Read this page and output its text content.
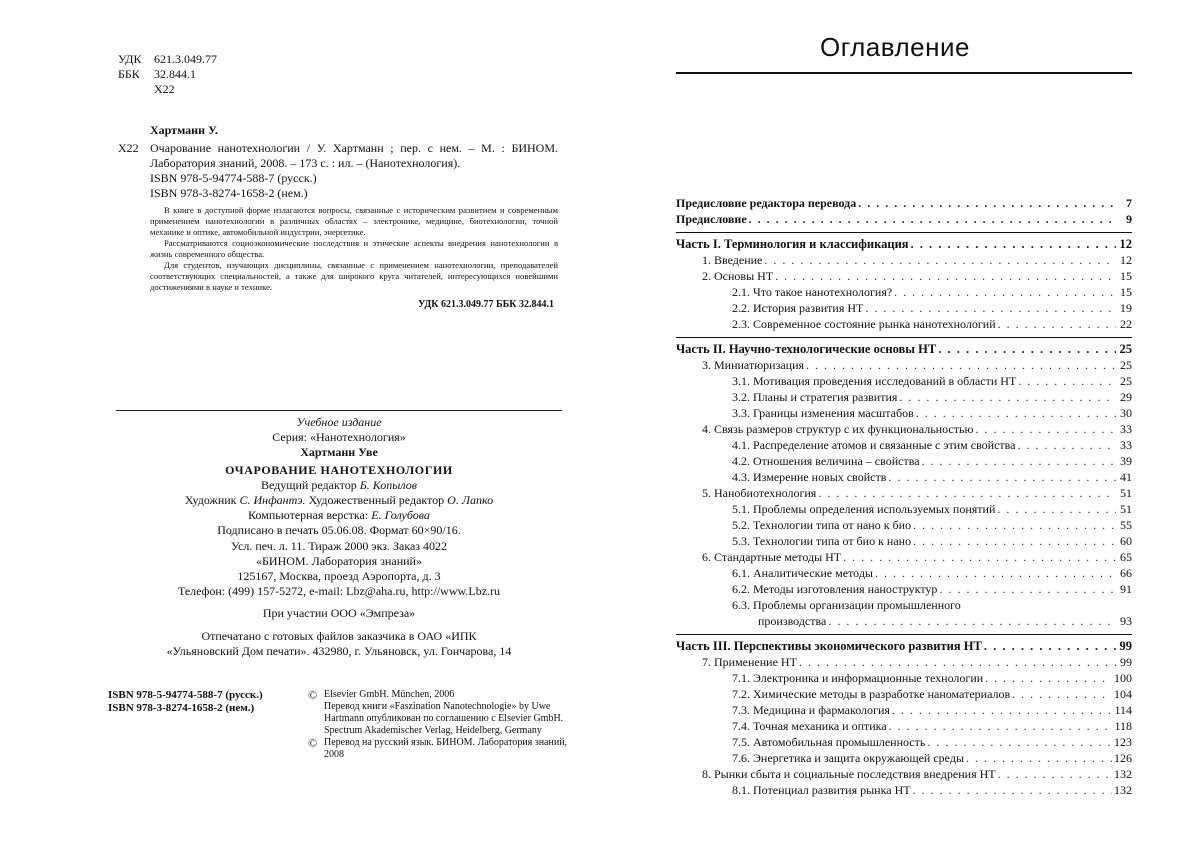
УДК	621.3.049.77
ББК	32.844.1
Х22
Хартманн У.
Х22 Очарование нанотехнологии / У. Хартманн ; пер. с нем. – М. : БИНОМ. Лаборатория знаний, 2008. – 173 с. : ил. – (Нанотехнология).
ISBN 978-5-94774-588-7 (русск.)
ISBN 978-3-8274-1658-2 (нем.)

В книге в доступной форме излагаются вопросы, связанные с историческим развитием и современным применением нанотехнологии в различных областях – электронике, медицине, биотехнологии, точной механике и оптике, автомобильной индустрии, энергетике.

Рассматриваются социоэкономические последствия и этические аспекты внедрения нанотехнологии в жизнь современного общества.

Для студентов, изучающих дисциплины, связанные с применением нанотехнологии, преподавателей соответствующих специальностей, а также для широкого круга читателей, интересующихся новейшими достижениями в науке и технике.

УДК 621.3.049.77 ББК 32.844.1
Учебное издание
Серия: «Нанотехнология»
Хартманн Уве
ОЧАРОВАНИЕ НАНОТЕХНОЛОГИИ
Ведущий редактор Б. Копылов
Художник С. Инфантэ. Художественный редактор О. Лапко
Компьютерная верстка: Е. Голубова
Подписано в печать 05.06.08. Формат 60×90/16.
Усл. печ. л. 11. Тираж 2000 экз. Заказ 4022
«БИНОМ. Лаборатория знаний»
125167, Москва, проезд Аэропорта, д. 3
Телефон: (499) 157-5272, e-mail: Lbz@aha.ru, http://www.Lbz.ru
При участии ООО «Эмпреза»
Отпечатано с готовых файлов заказчика в ОАО «ИПК
«Ульяновский Дом печати». 432980, г. Ульяновск, ул. Гончарова, 14
ISBN 978-5-94774-588-7 (русск.)
ISBN 978-3-8274-1658-2 (нем.)
© Elsevier GmbH. München, 2006
Перевод книги «Faszination Nanotechnologie» by Uwe Hartmann опубликован по соглашению с Elsevier GmbH. Spectrum Akademischer Verlag, Heidelberg, Germany
© Перевод на русский язык. БИНОМ. Лаборатория знаний, 2008
Оглавление
Предисловие редактора перевода . . .	7
Предисловие . . .	9
Часть I. Терминология и классификация . . .	12
1. Введение . . .	12
2. Основы НТ . . .	15
2.1. Что такое нанотехнология? . . .	15
2.2. История развития НТ . . .	19
2.3. Современное состояние рынка нанотехнологий . . .	22
Часть II. Научно-технологические основы НТ . . .	25
3. Миниатюризация . . .	25
3.1. Мотивация проведения исследований в области НТ . . .	25
3.2. Планы и стратегия развития . . .	29
3.3. Границы изменения масштабов . . .	30
4. Связь размеров структур с их функциональностью . . .	33
4.1. Распределение атомов и связанные с этим свойства . . .	33
4.2. Отношения величина – свойства . . .	39
4.3. Измерение новых свойств . . .	41
5. Нанобиотехнология . . .	51
5.1. Проблемы определения используемых понятий . . .	51
5.2. Технологии типа от нано к био . . .	55
5.3. Технологии типа от био к нано . . .	60
6. Стандартные методы НТ . . .	65
6.1. Аналитические методы . . .	66
6.2. Методы изготовления наноструктур . . .	91
6.3. Проблемы организации промышленного
производства . . .	93
Часть III. Перспективы экономического развития НТ . . .	99
7. Применение НТ . . .	99
7.1. Электроника и информационные технологии . . .	100
7.2. Химические методы в разработке наноматериалов . . .	104
7.3. Медицина и фармакология . . .	114
7.4. Точная механика и оптика . . .	118
7.5. Автомобильная промышленность . . .	123
7.6. Энергетика и защита окружающей среды . . .	126
8. Рынки сбыта и социальные последствия внедрения НТ . . .	132
8.1. Потенциал развития рынка НТ . . .	132
